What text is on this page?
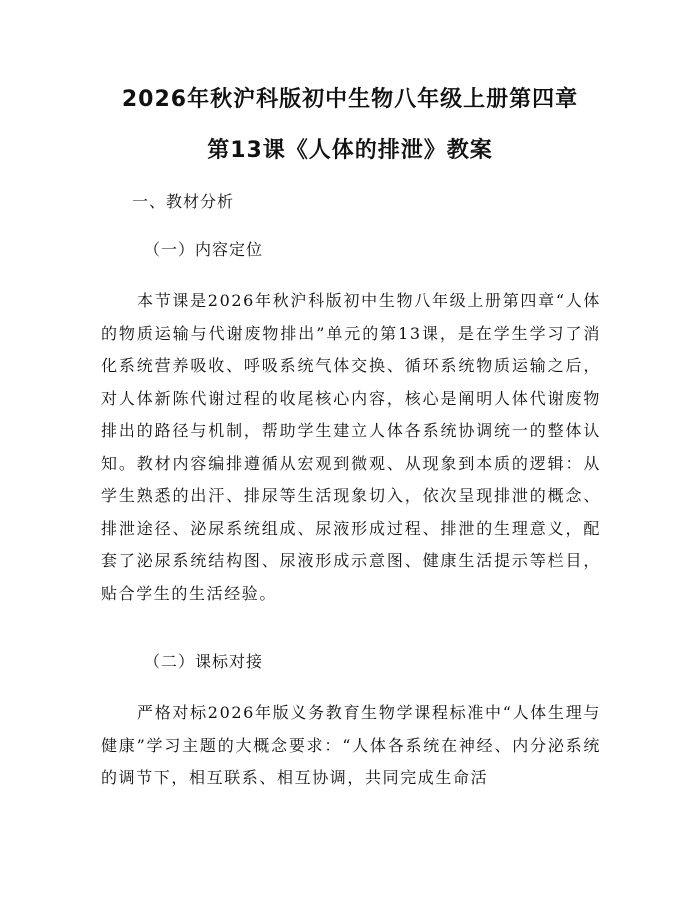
2026年秋沪科版初中生物八年级上册第四章
第13课《人体的排泄》教案
一、教材分析
（一）内容定位
本节课是2026年秋沪科版初中生物八年级上册第四章“人体的物质运输与代谢废物排出”单元的第13课，是在学生学习了消化系统营养吸收、呼吸系统气体交换、循环系统物质运输之后，对人体新陈代谢过程的收尾核心内容，核心是阐明人体代谢废物排出的路径与机制，帮助学生建立人体各系统协调统一的整体认知。教材内容编排遵循从宏观到微观、从现象到本质的逻辑：从学生熟悉的出汗、排尿等生活现象切入，依次呈现排泄的概念、排泄途径、泌尿系统组成、尿液形成过程、排泄的生理意义，配套了泌尿系统结构图、尿液形成示意图、健康生活提示等栏目，贴合学生的生活经验。
（二）课标对接
严格对标2026年版义务教育生物学课程标准中“人体生理与健康”学习主题的大概念要求：“人体各系统在神经、内分泌系统的调节下，相互联系、相互协调，共同完成生命活
